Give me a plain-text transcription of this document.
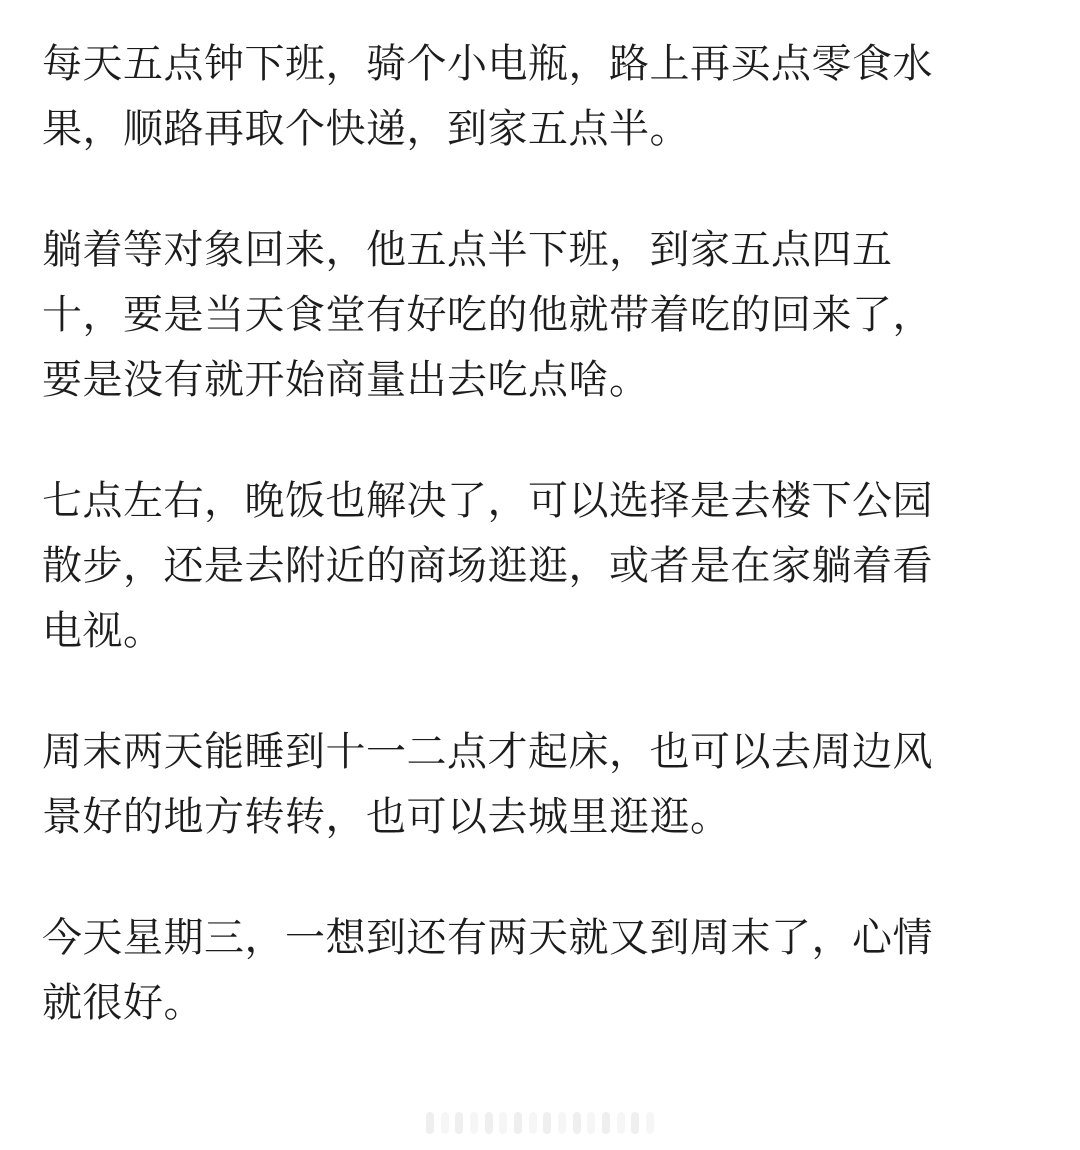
每天五点钟下班，骑个小电瓶，路上再买点零食水
果，顺路再取个快递，到家五点半。
躺着等对象回来，他五点半下班，到家五点四五
十，要是当天食堂有好吃的他就带着吃的回来了，
要是没有就开始商量出去吃点啥。
七点左右，晚饭也解决了，可以选择是去楼下公园
散步，还是去附近的商场逛逛，或者是在家躺着看
电视。
周末两天能睡到十一二点才起床，也可以去周边风
景好的地方转转，也可以去城里逛逛。
今天星期三，一想到还有两天就又到周末了，心情
就很好。
